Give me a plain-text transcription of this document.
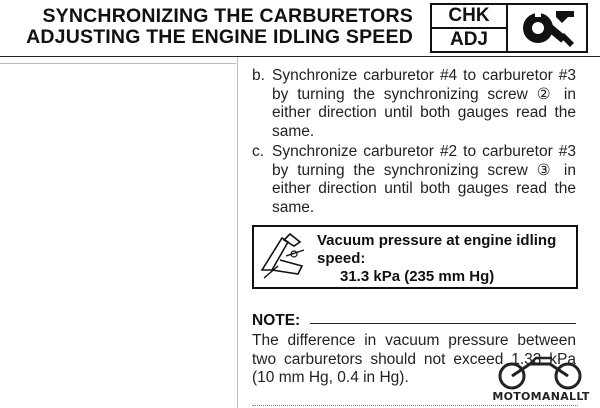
SYNCHRONIZING THE CARBURETORS
ADJUSTING THE ENGINE IDLING SPEED
CHK
ADJ
b. Synchronize carburetor #4 to carburetor #3 by turning the synchronizing screw ② in either direction until both gauges read the same.
c. Synchronize carburetor #2 to carburetor #3 by turning the synchronizing screw ③ in either direction until both gauges read the same.
Vacuum pressure at engine idling speed:
31.3 kPa (235 mm Hg)
NOTE:
The difference in vacuum pressure between two carburetors should not exceed 1.33 kPa (10 mm Hg, 0.4 in Hg).
MOTOMANALLT
